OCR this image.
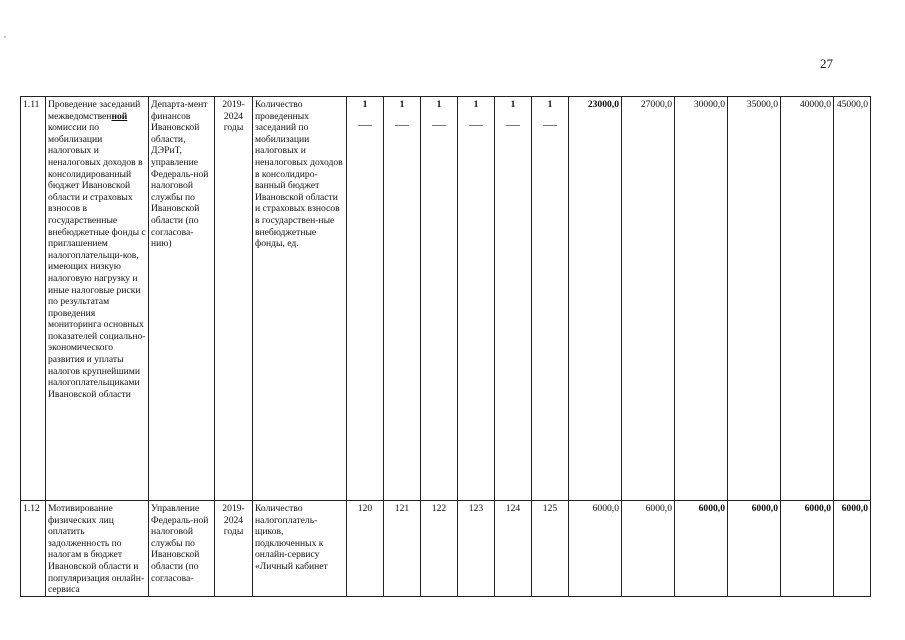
,
27
1.11	Проведение заседаний межведомственной комиссии по мобилизации налоговых и неналоговых доходов в консолидированный бюджет Ивановской области и страховых взносов в государственные внебюджетные фонды с приглашением налогоплательщи-ков, имеющих низкую налоговую нагрузку и иные налоговые риски по результатам проведения мониторинга основных показателей социально-экономического развития и уплаты налогов крупнейшими налогоплательщиками Ивановской области	Департа-мент финансов Ивановской области, ДЭРиТ, управление Федераль-ной налоговой службы по Ивановской области (по согласова-нию)	2019-2024 годы	Количество проведенных заседаний по мобилизации налоговых и неналоговых доходов в консолидиро-ванный бюджет Ивановской области и страховых взносов в государствен-ные внебюджетные фонды, ед.	1	1	1	1	1	1	23000,0	27000,0	30000,0	35000,0	40000,0	45000,0
1.12	Мотивирование физических лиц оплатить задолженность по налогам в бюджет Ивановской области и популяризация онлайн-сервиса	Управление Федераль-ной налоговой службы по Ивановской области (по согласова-	2019-2024 годы	Количество налогоплатель-щиков, подключенных к онлайн-сервису «Личный кабинет	120	121	122	123	124	125	6000,0	6000,0	6000,0	6000,0	6000,0	6000,0
